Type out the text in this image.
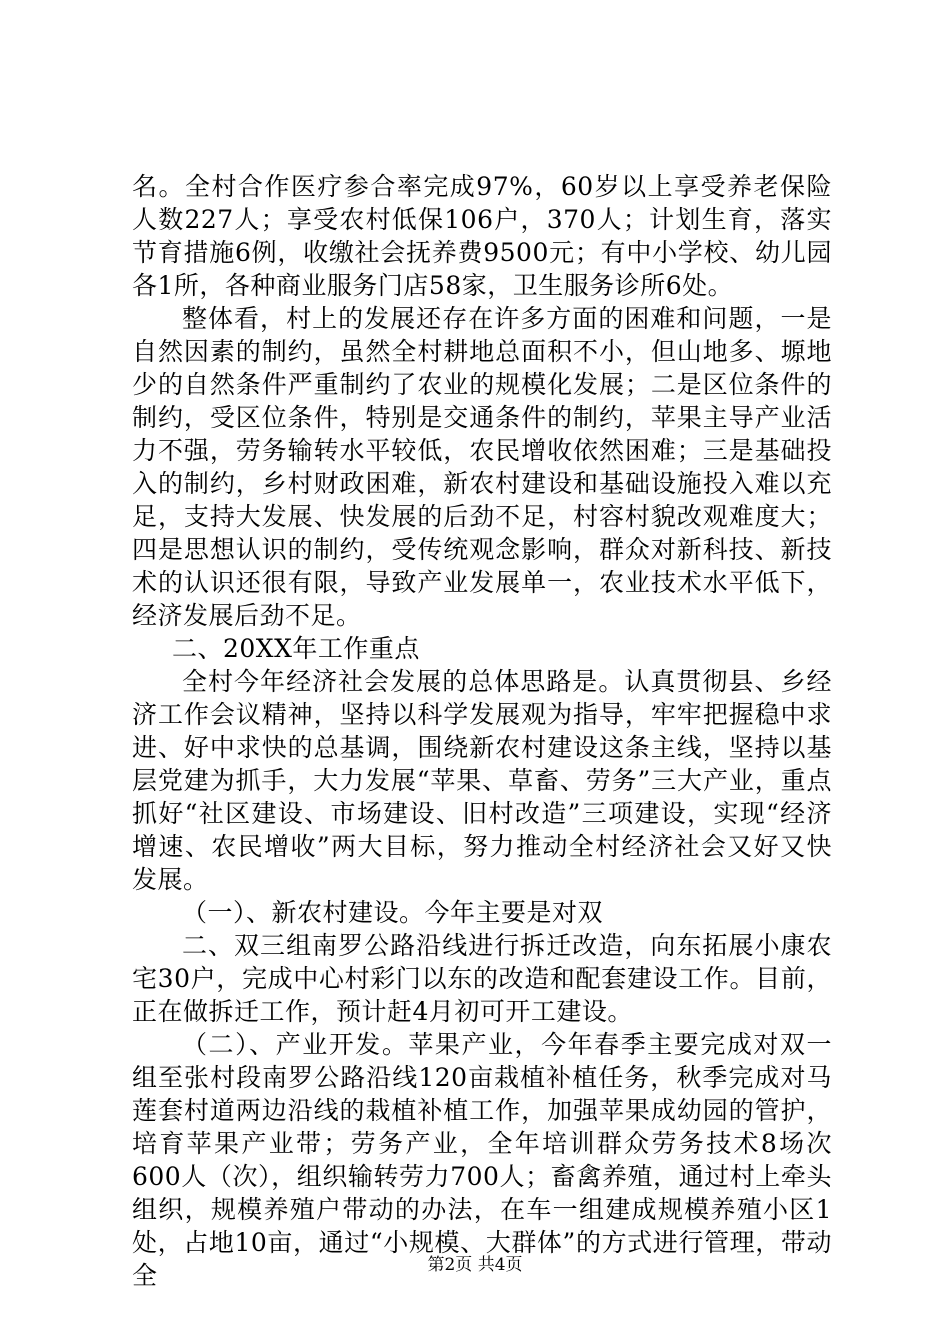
名。全村合作医疗参合率完成97%，60岁以上享受养老保险人数227人；享受农村低保106户，370人；计划生育，落实节育措施6例，收缴社会抚养费9500元；有中小学校、幼儿园各1所，各种商业服务门店58家，卫生服务诊所6处。

整体看，村上的发展还存在许多方面的困难和问题，一是自然因素的制约，虽然全村耕地总面积不小，但山地多、塬地少的自然条件严重制约了农业的规模化发展；二是区位条件的制约，受区位条件，特别是交通条件的制约，苹果主导产业活力不强，劳务输转水平较低，农民增收依然困难；三是基础投入的制约，乡村财政困难，新农村建设和基础设施投入难以充足，支持大发展、快发展的后劲不足，村容村貌改观难度大；四是思想认识的制约，受传统观念影响，群众对新科技、新技术的认识还很有限，导致产业发展单一，农业技术水平低下，经济发展后劲不足。

二、20XX年工作重点

全村今年经济社会发展的总体思路是。认真贯彻县、乡经济工作会议精神，坚持以科学发展观为指导，牢牢把握稳中求进、好中求快的总基调，围绕新农村建设这条主线，坚持以基层党建为抓手，大力发展“苹果、草畜、劳务”三大产业，重点抓好“社区建设、市场建设、旧村改造”三项建设，实现“经济增速、农民增收”两大目标，努力推动全村经济社会又好又快发展。

（一）、新农村建设。今年主要是对双

二、双三组南罗公路沿线进行拆迁改造，向东拓展小康农宅30户，完成中心村彩门以东的改造和配套建设工作。目前，正在做拆迁工作，预计赶4月初可开工建设。

（二）、产业开发。苹果产业，今年春季主要完成对双一组至张村段南罗公路沿线120亩栽植补植任务，秋季完成对马莲套村道两边沿线的栽植补植工作，加强苹果成幼园的管护，培育苹果产业带；劳务产业，全年培训群众劳务技术8场次600人（次），组织输转劳力700人；畜禽养殖，通过村上牵头组织，规模养殖户带动的办法，在车一组建成规模养殖小区1处，占地10亩，通过“小规模、大群体”的方式进行管理，带动全	第2页 共4页
